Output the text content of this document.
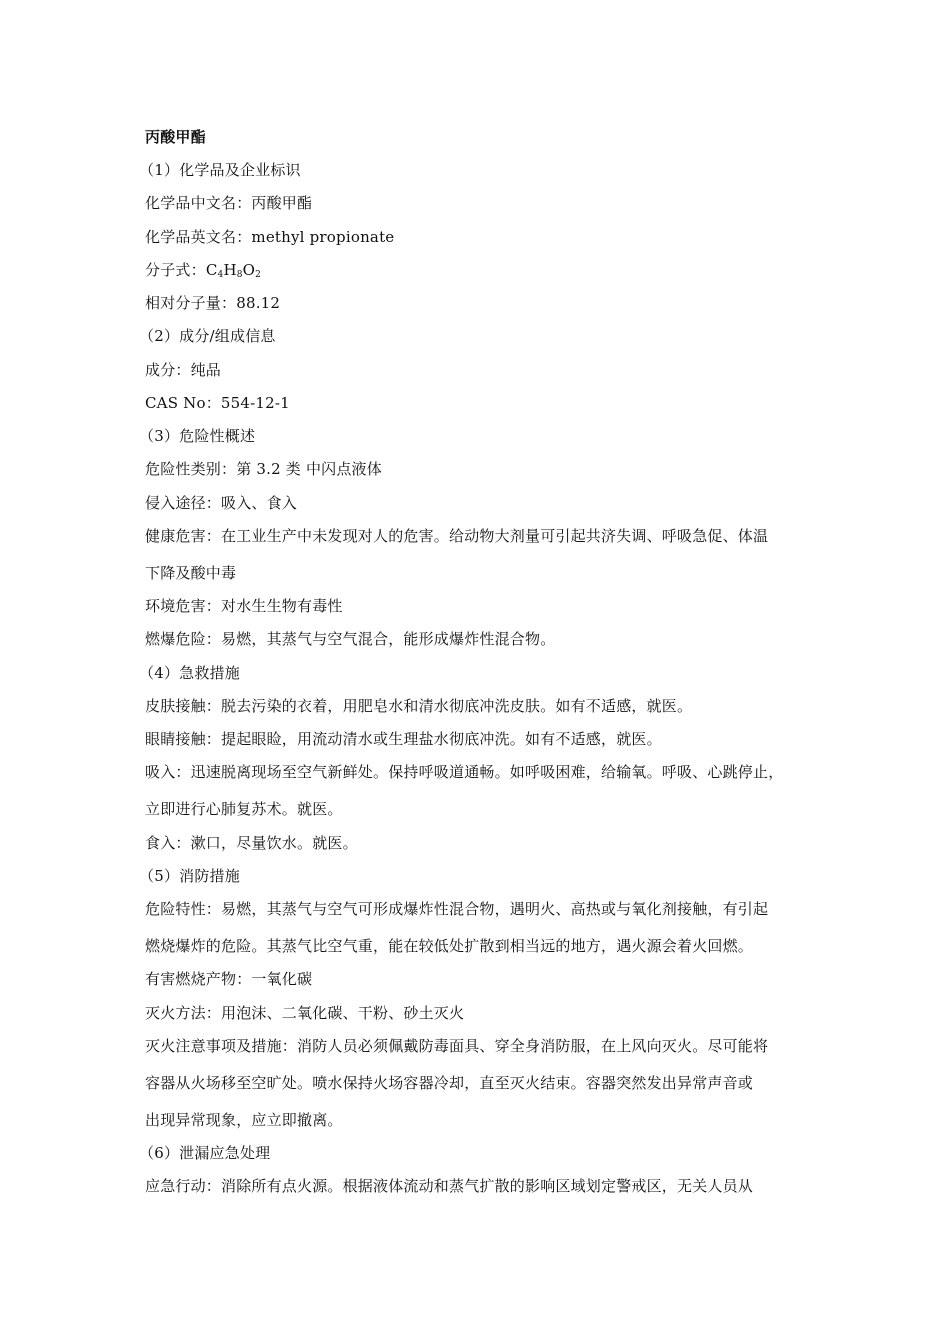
丙酸甲酯
（1）化学品及企业标识
化学品中文名：丙酸甲酯
化学品英文名：methyl propionate
分子式：$C_4H_8O_2$
相对分子量：88.12
（2）成分/组成信息
成分：纯品
CAS No：554-12-1
（3）危险性概述
危险性类别：第 3.2 类 中闪点液体
侵入途径：吸入、食入
健康危害：在工业生产中未发现对人的危害。给动物大剂量可引起共济失调、呼吸急促、体温
下降及酸中毒
环境危害：对水生生物有毒性
燃爆危险：易燃，其蒸气与空气混合，能形成爆炸性混合物。
（4）急救措施
皮肤接触：脱去污染的衣着，用肥皂水和清水彻底冲洗皮肤。如有不适感，就医。
眼睛接触：提起眼睑，用流动清水或生理盐水彻底冲洗。如有不适感，就医。
吸入：迅速脱离现场至空气新鲜处。保持呼吸道通畅。如呼吸困难，给输氧。呼吸、心跳停止，
立即进行心肺复苏术。就医。
食入：漱口，尽量饮水。就医。
（5）消防措施
危险特性：易燃，其蒸气与空气可形成爆炸性混合物，遇明火、高热或与氧化剂接触，有引起
燃烧爆炸的危险。其蒸气比空气重，能在较低处扩散到相当远的地方，遇火源会着火回燃。
有害燃烧产物：一氧化碳
灭火方法：用泡沫、二氧化碳、干粉、砂土灭火
灭火注意事项及措施：消防人员必须佩戴防毒面具、穿全身消防服，在上风向灭火。尽可能将
容器从火场移至空旷处。喷水保持火场容器冷却，直至灭火结束。容器突然发出异常声音或
出现异常现象，应立即撤离。
（6）泄漏应急处理
应急行动：消除所有点火源。根据液体流动和蒸气扩散的影响区域划定警戒区，无关人员从
